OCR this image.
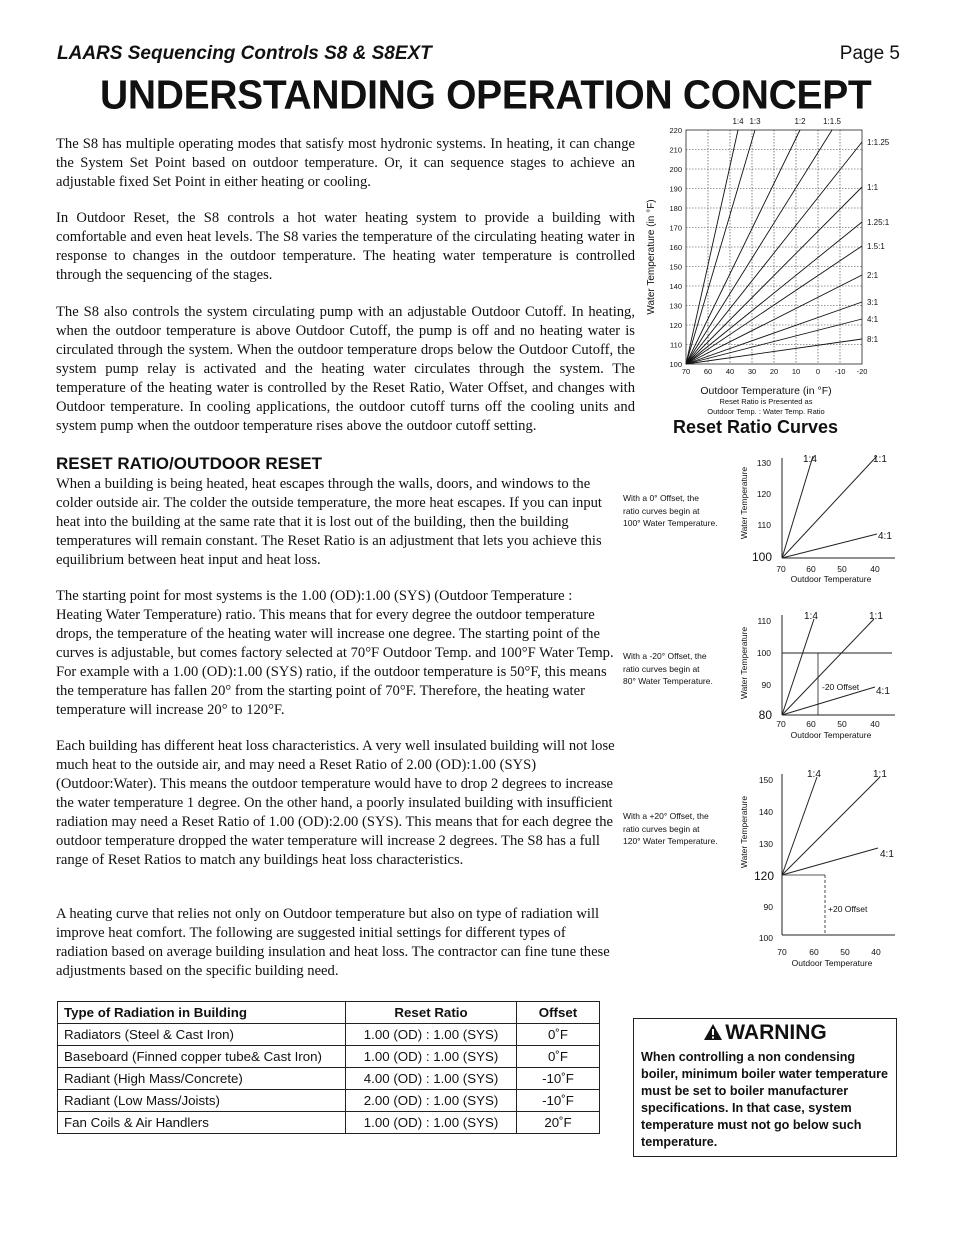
LAARS Sequencing Controls S8 & S8EXT	Page 5
UNDERSTANDING OPERATION CONCEPT
The S8 has multiple operating modes that satisfy most hydronic systems. In heating, it can change the System Set Point based on outdoor temperature. Or, it can sequence stages to achieve an adjustable fixed Set Point in either heating or cooling.
In Outdoor Reset, the S8 controls a hot water heating system to provide a building with comfortable and even heat levels. The S8 varies the temperature of the circulating heating water in response to changes in the outdoor temperature. The heating water temperature is controlled through the sequencing of the stages.
The S8 also controls the system circulating pump with an adjustable Outdoor Cutoff. In heating, when the outdoor temperature is above Outdoor Cutoff, the pump is off and no heating water is circulated through the system. When the outdoor temperature drops below the Outdoor Cutoff, the system pump relay is activated and the heating water circulates through the system. The temperature of the heating water is controlled by the Reset Ratio, Water Offset, and changes with Outdoor temperature. In cooling applications, the outdoor cutoff turns off the cooling units and system pump when the outdoor temperature rises above the outdoor cutoff setting.
RESET RATIO/OUTDOOR RESET
When a building is being heated, heat escapes through the walls, doors, and windows to the colder outside air. The colder the outside temperature, the more heat escapes. If you can input heat into the building at the same rate that it is lost out of the building, then the building temperatures will remain constant. The Reset Ratio is an adjustment that lets you achieve this equilibrium between heat input and heat loss.
The starting point for most systems is the 1.00 (OD):1.00 (SYS) (Outdoor Temperature : Heating Water Temperature) ratio. This means that for every degree the outdoor temperature drops, the temperature of the heating water will increase one degree. The starting point of the curves is adjustable, but comes factory selected at 70°F Outdoor Temp. and 100°F Water Temp. For example with a 1.00 (OD):1.00 (SYS) ratio, if the outdoor temperature is 50°F, this means the temperature has fallen 20° from the starting point of 70°F. Therefore, the heating water temperature will increase 20° to 120°F.
Each building has different heat loss characteristics. A very well insulated building will not lose much heat to the outside air, and may need a Reset Ratio of 2.00 (OD):1.00 (SYS) (Outdoor:Water). This means the outdoor temperature would have to drop 2 degrees to increase the water temperature 1 degree. On the other hand, a poorly insulated building with insufficient radiation may need a Reset Ratio of 1.00 (OD):2.00 (SYS). This means that for each degree the outdoor temperature dropped the water temperature will increase 2 degrees. The S8 has a full range of Reset Ratios to match any buildings heat loss characteristics.
A heating curve that relies not only on Outdoor temperature but also on type of radiation will improve heat comfort. The following are suggested initial settings for different types of radiation based on average building insulation and heat loss. The contractor can fine tune these adjustments based on the specific building need.
220
210
200
190
180
170
160
150
140
130
120
110
100
70 60 40 30 20 10 0 -10 -20
1:4 1:3	1:2 1:1.5
1:1.25
1:1
1.25:1
1.5:1
2:1
3:1
4:1
8:1
Water Temperature (in °F)
Outdoor Temperature (in °F)
Reset Ratio is Presented as
Outdoor Temp. : Water Temp. Ratio
Reset Ratio Curves
With a 0° Offset, the
ratio curves begin at
100° Water Temperature.
With a -20° Offset, the
ratio curves begin at
80° Water Temperature.
With a +20° Offset, the
ratio curves begin at
120° Water Temperature.
Water Temperature
130
120
110
100
1:4	1:1
4:1
70 60	50	40
Outdoor Temperature
Water Temperature
110
100
90
80
1:4	1:1
4:1
-20 Offset
70 60	50	40
Outdoor Temperature
Water Temperature
150
140
130
120
90
100
1:4	1:1
4:1
+20 Offset
70	60	50	40
Outdoor Temperature
Type of Radiation in Building	Reset Ratio	Offset
Radiators (Steel & Cast Iron)	1.00 (OD) : 1.00 (SYS)	0˚F
Baseboard (Finned copper tube& Cast Iron)	1.00 (OD) : 1.00 (SYS)	0˚F
Radiant (High Mass/Concrete)	4.00 (OD) : 1.00 (SYS)	-10˚F
Radiant (Low Mass/Joists)	2.00 (OD) : 1.00 (SYS)	-10˚F
Fan Coils & Air Handlers	1.00 (OD) : 1.00 (SYS)	20˚F
WARNING
When controlling a non condensing boiler, minimum boiler water temperature must be set to boiler manufacturer specifications. In that case, system temperature must not go below such temperature.
